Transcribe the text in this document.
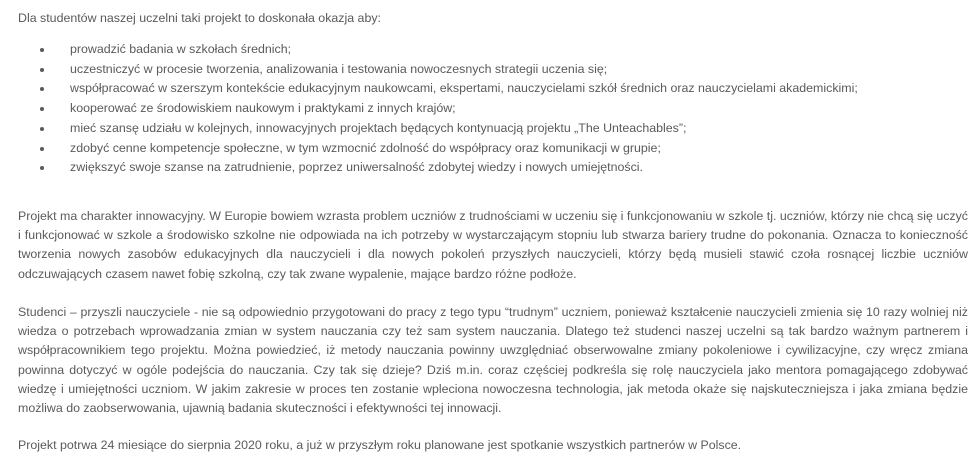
Dla studentów naszej uczelni taki projekt to doskonała okazja aby:

prowadzić badania w szkołach średnich;
uczestniczyć w procesie tworzenia, analizowania i testowania nowoczesnych strategii uczenia się;
współpracować w szerszym kontekście edukacyjnym naukowcami, ekspertami, nauczycielami szkół średnich oraz nauczycielami akademickimi;
kooperować ze środowiskiem naukowym i praktykami z innych krajów;
mieć szansę udziału w kolejnych, innowacyjnych projektach będących kontynuacją projektu „The Unteachables”;
zdobyć cenne kompetencje społeczne, w tym wzmocnić zdolność do współpracy oraz komunikacji w grupie;
zwiększyć swoje szanse na zatrudnienie, poprzez uniwersalność zdobytej wiedzy i nowych umiejętności.

Projekt ma charakter innowacyjny. W Europie bowiem wzrasta problem uczniów z trudnościami w uczeniu się i funkcjonowaniu w szkole tj. uczniów, którzy nie chcą się uczyć i funkcjonować w szkole a środowisko szkolne nie odpowiada na ich potrzeby w wystarczającym stopniu lub stwarza bariery trudne do pokonania. Oznacza to konieczność tworzenia nowych zasobów edukacyjnych dla nauczycieli i dla nowych pokoleń przyszłych nauczycieli, którzy będą musieli stawić czoła rosnącej liczbie uczniów odczuwających czasem nawet fobię szkolną, czy tak zwane wypalenie, mające bardzo różne podłoże.

Studenci – przyszli nauczyciele - nie są odpowiednio przygotowani do pracy z tego typu “trudnym” uczniem, ponieważ kształcenie nauczycieli zmienia się 10 razy wolniej niż wiedza o potrzebach wprowadzania zmian w system nauczania czy też sam system nauczania. Dlatego też studenci naszej uczelni są tak bardzo ważnym partnerem i współpracownikiem tego projektu. Można powiedzieć, iż metody nauczania powinny uwzględniać obserwowalne zmiany pokoleniowe i cywilizacyjne, czy wręcz zmiana powinna dotyczyć w ogóle podejścia do nauczania. Czy tak się dzieje? Dziś m.in. coraz częściej podkreśla się rolę nauczyciela jako mentora pomagającego zdobywać wiedzę i umiejętności uczniom. W jakim zakresie w proces ten zostanie wpleciona nowoczesna technologia, jak metoda okaże się najskuteczniejsza i jaka zmiana będzie możliwa do zaobserwowania, ujawnią badania skuteczności i efektywności tej innowacji.

Projekt potrwa 24 miesiące do sierpnia 2020 roku, a już w przyszłym roku planowane jest spotkanie wszystkich partnerów w Polsce.
